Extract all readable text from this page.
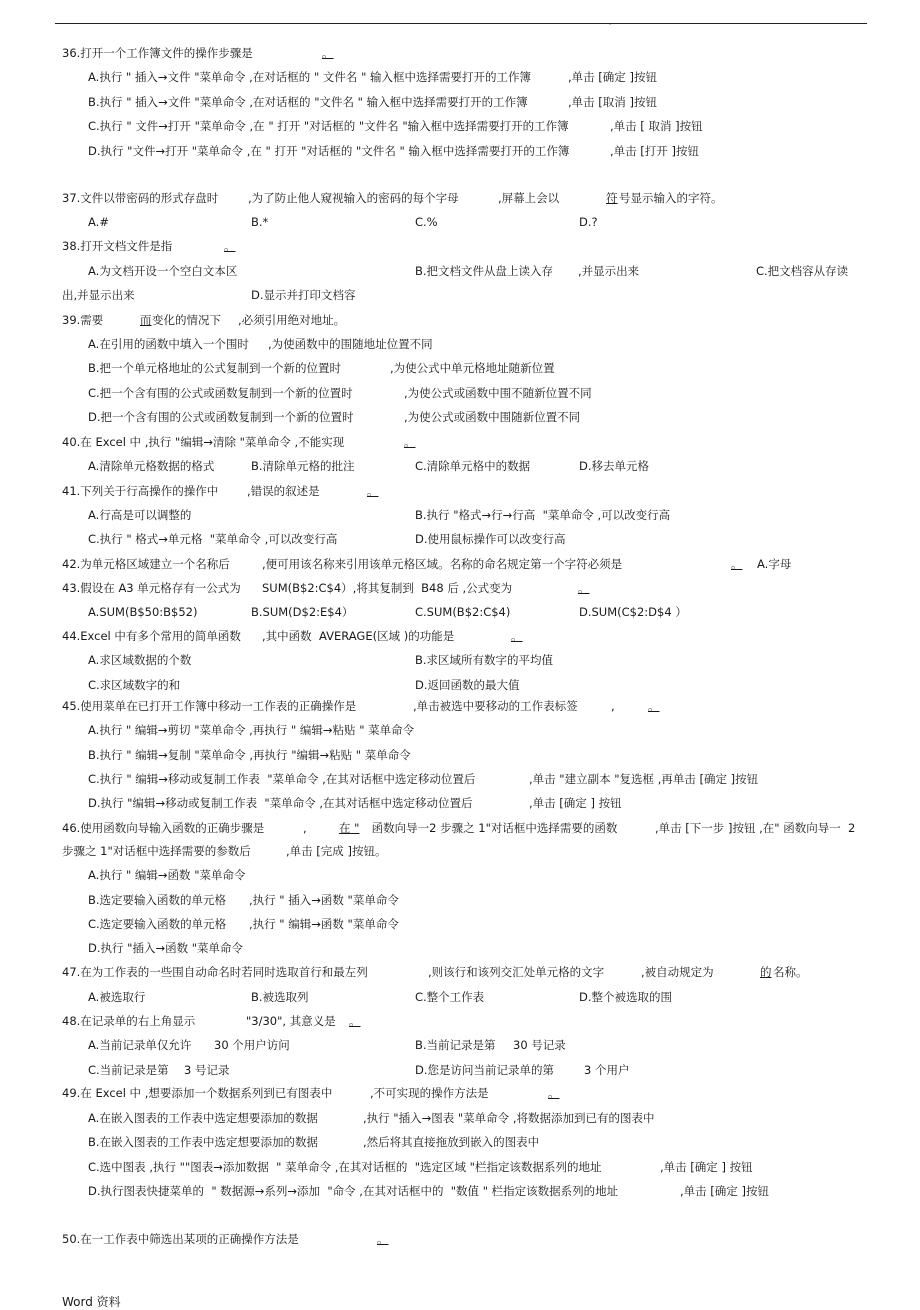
.
36.打开一个工作簿文件的操作步骤是	。
A.执行 " 插入→文件 "菜单命令 ,在对话框的 " 文件名 " 输入框中选择需要打开的工作簿	,单击 [确定 ]按钮
B.执行 " 插入→文件 "菜单命令 ,在对话框的 "文件名 " 输入框中选择需要打开的工作簿	,单击 [取消 ]按钮
C.执行 " 文件→打开 "菜单命令 ,在 " 打开 "对话框的 "文件名 "输入框中选择需要打开的工作簿	,单击 [ 取消 ]按钮
D.执行 "文件→打开 "菜单命令 ,在 " 打开 "对话框的 "文件名 " 输入框中选择需要打开的工作簿	,单击 [打开 ]按钮
37.文件以带密码的形式存盘时	,为了防止他人窥视输入的密码的每个字母	,屏幕上会以	符 号显示输入的字符。
A.#	B.*	C.%	D.?
38.打开文档文件是指	。
A.为文档开设一个空白文本区	B.把文档文件从盘上读入存 ,并显示出来	C.把文档容从存读
出,并显示出来	D.显示并打印文档容
39.需要	而 变化的情况下 ,必须引用绝对地址。
A.在引用的函数中填入一个围时 ,为使函数中的围随地址位置不同
B.把一个单元格地址的公式复制到一个新的位置时	,为使公式中单元格地址随新位置
C.把一个含有围的公式或函数复制到一个新的位置时	,为使公式或函数中围不随新位置不同
D.把一个含有围的公式或函数复制到一个新的位置时	,为使公式或函数中围随新位置不同
40.在 Excel 中 ,执行 "编辑→清除 "菜单命令 ,不能实现	。
A.清除单元格数据的格式	B.清除单元格的批注	C.清除单元格中的数据	D.移去单元格
41.下列关于行高操作的操作中 ,错误的叙述是	。
A.行高是可以调整的	B.执行 "格式→行→行高  "菜单命令 ,可以改变行高
C.执行 " 格式→单元格  "菜单命令 ,可以改变行高	D.使用鼠标操作可以改变行高
42.为单元格区域建立一个名称后	,便可用该名称来引用该单元格区域。名称的命名规定第一个字符必须是	。 A.字母
43.假设在 A3 单元格存有一公式为 SUM(B$2:C$4）,将其复制到  B48 后 ,公式变为	。
A.SUM(B$50:B$52)	B.SUM(D$2:E$4）	C.SUM(B$2:C$4)	D.SUM(C$2:D$4 ）
44.Excel 中有多个常用的简单函数 ,其中函数  AVERAGE(区域 )的功能是	。
A.求区域数据的个数	B.求区域所有数字的平均值
C.求区域数字的和	D.返回函数的最大值
45.使用菜单在已打开工作簿中移动一工作表的正确操作是	,单击被选中要移动的工作表标签	,	。
A.执行 " 编辑→剪切 "菜单命令 ,再执行 " 编辑→粘贴 " 菜单命令
B.执行 " 编辑→复制 "菜单命令 ,再执行 "编辑→粘贴 " 菜单命令
C.执行 " 编辑→移动或复制工作表  "菜单命令 ,在其对话框中选定移动位置后	,单击 "建立副本 "复选框 ,再单击 [确定 ]按钮
D.执行 "编辑→移动或复制工作表  "菜单命令 ,在其对话框中选定移动位置后	,单击 [确定 ] 按钮
46.使用函数向导输入函数的正确步骤是	,	在 " 函数向导一2 步骤之 1"对话框中选择需要的函数	,单击 [下一步 ]按钮 ,在" 函数向导一  2
步骤之 1"对话框中选择需要的参数后	,单击 [完成 ]按钮。
A.执行 " 编辑→函数 "菜单命令
B.选定要输入函数的单元格 ,执行 " 插入→函数 "菜单命令
C.选定要输入函数的单元格 ,执行 " 编辑→函数 "菜单命令
D.执行 "插入→函数 "菜单命令
47.在为工作表的一些围自动命名时若同时选取首行和最左列	,则该行和该列交汇处单元格的文字	,被自动规定为	的 名称。
A.被选取行	B.被选取列	C.整个工作表	D.整个被选取的围
48.在记录单的右上角显示	"3/30", 其意义是 。
A.当前记录单仅允许 30 个用户访问	B.当前记录是第 30 号记录
C.当前记录是第 3 号记录	D.您是访问当前记录单的第	3 个用户
49.在 Excel 中 ,想要添加一个数据系列到已有图表中	,不可实现的操作方法是	。
A.在嵌入图表的工作表中选定想要添加的数据	,执行 "插入→图表 "菜单命令 ,将数据添加到已有的图表中
B.在嵌入图表的工作表中选定想要添加的数据	,然后将其直接拖放到嵌入的图表中
C.选中图表 ,执行 ""图表→添加数据  " 菜单命令 ,在其对话框的  "选定区域 "栏指定该数据系列的地址	,单击 [确定 ] 按钮
D.执行图表快捷菜单的  " 数据源→系列→添加  "命令 ,在其对话框中的  "数值 " 栏指定该数据系列的地址	,单击 [确定 ]按钮
50.在一工作表中筛选出某项的正确操作方法是	。
Word 资料
